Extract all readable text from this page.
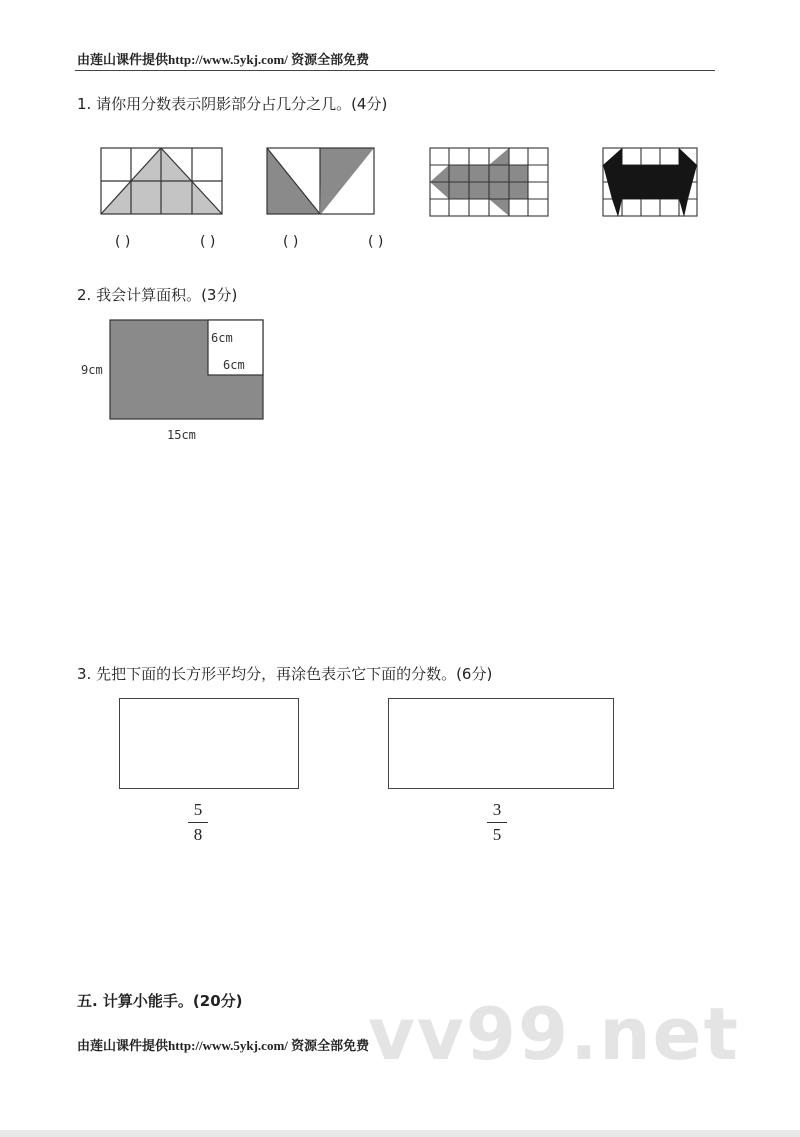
由莲山课件提供http://www.5ykj.com/ 资源全部免费
1. 请你用分数表示阴影部分占几分之几。(4分)
( )	( )	( )	( )
2. 我会计算面积。(3分)
6cm
6cm
9cm
15cm
3. 先把下面的长方形平均分，再涂色表示它下面的分数。(6分)
5
8
3
5
vv99.net
五. 计算小能手。(20分)
由莲山课件提供http://www.5ykj.com/ 资源全部免费
